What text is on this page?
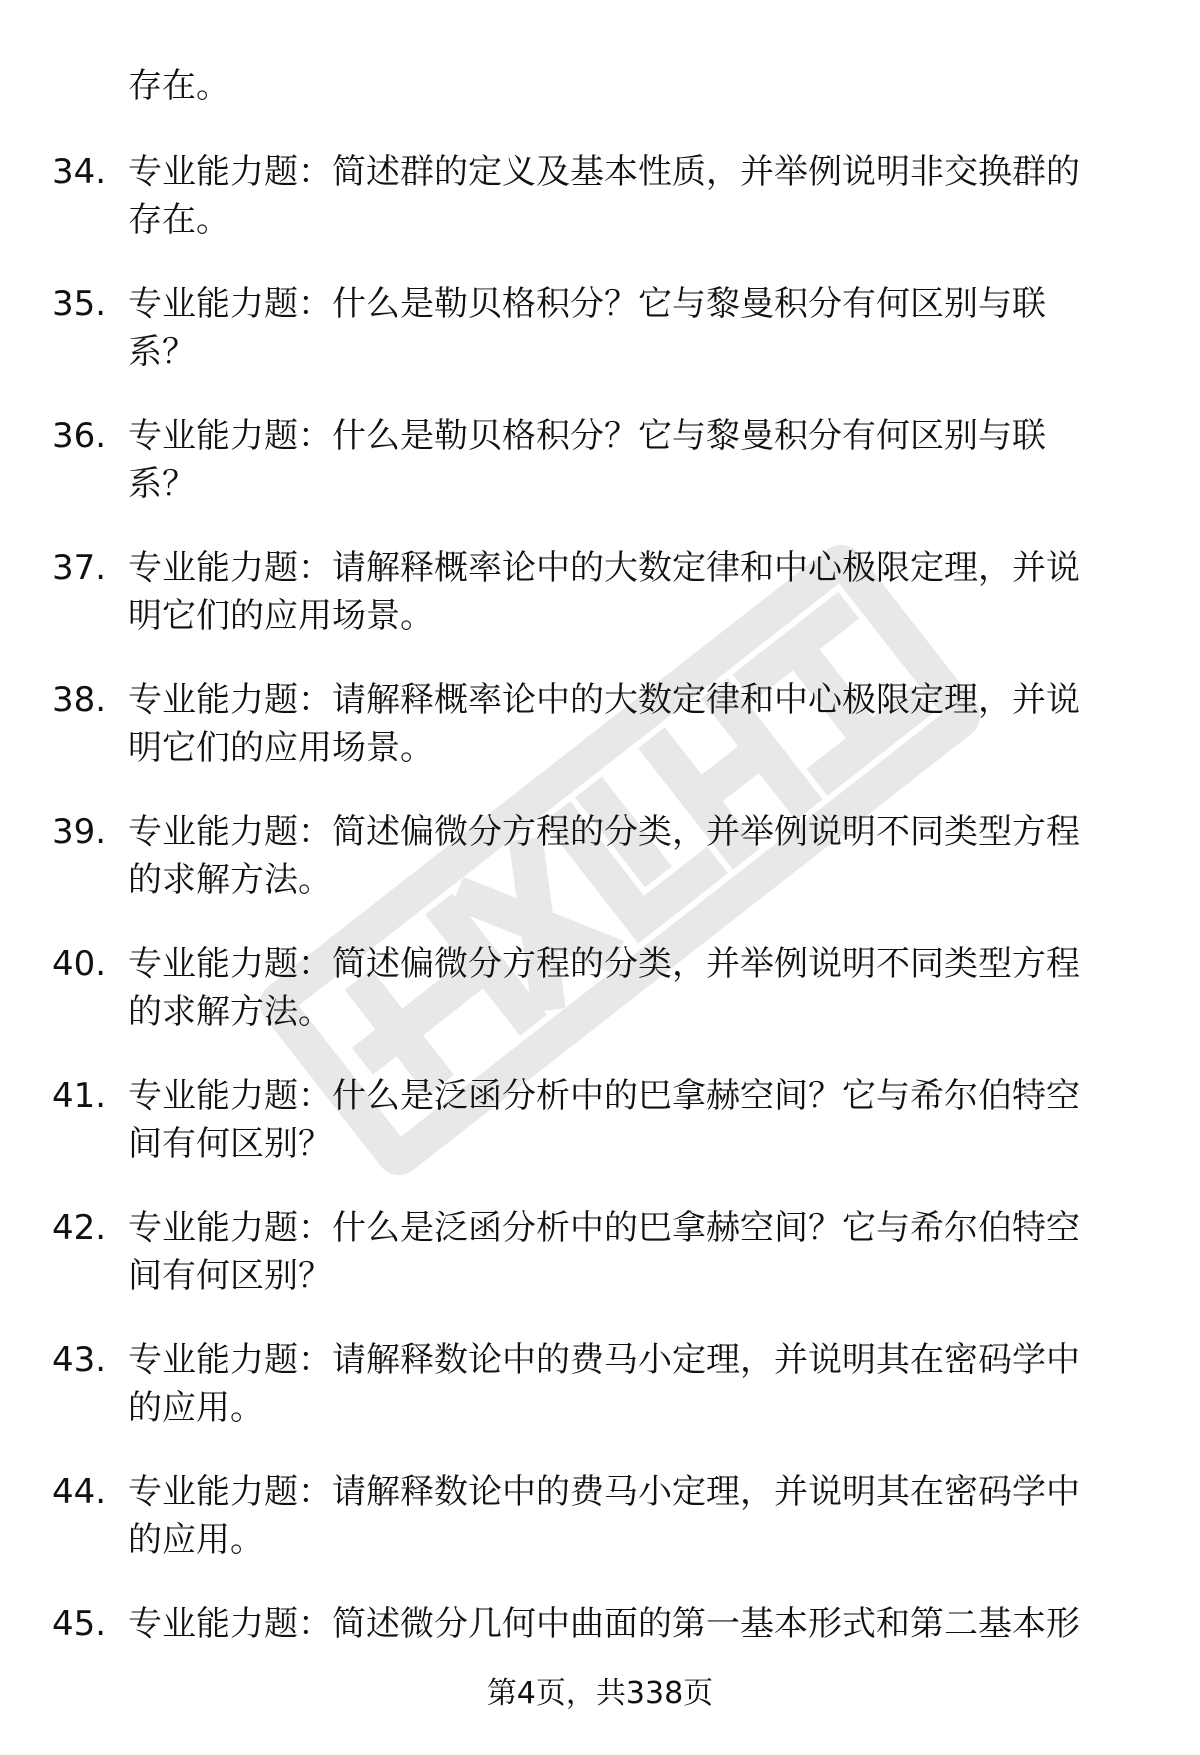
存在。

34. 专业能力题：简述群的定义及基本性质，并举例说明非交换群的
存在。
35. 专业能力题：什么是勒贝格积分？它与黎曼积分有何区别与联
系？
36. 专业能力题：什么是勒贝格积分？它与黎曼积分有何区别与联
系？
37. 专业能力题：请解释概率论中的大数定律和中心极限定理，并说
明它们的应用场景。
38. 专业能力题：请解释概率论中的大数定律和中心极限定理，并说
明它们的应用场景。
39. 专业能力题：简述偏微分方程的分类，并举例说明不同类型方程
的求解方法。
40. 专业能力题：简述偏微分方程的分类，并举例说明不同类型方程
的求解方法。
41. 专业能力题：什么是泛函分析中的巴拿赫空间？它与希尔伯特空
间有何区别？
42. 专业能力题：什么是泛函分析中的巴拿赫空间？它与希尔伯特空
间有何区别？
43. 专业能力题：请解释数论中的费马小定理，并说明其在密码学中
的应用。
44. 专业能力题：请解释数论中的费马小定理，并说明其在密码学中
的应用。
45. 专业能力题：简述微分几何中曲面的第一基本形式和第二基本形
第4页，共338页
